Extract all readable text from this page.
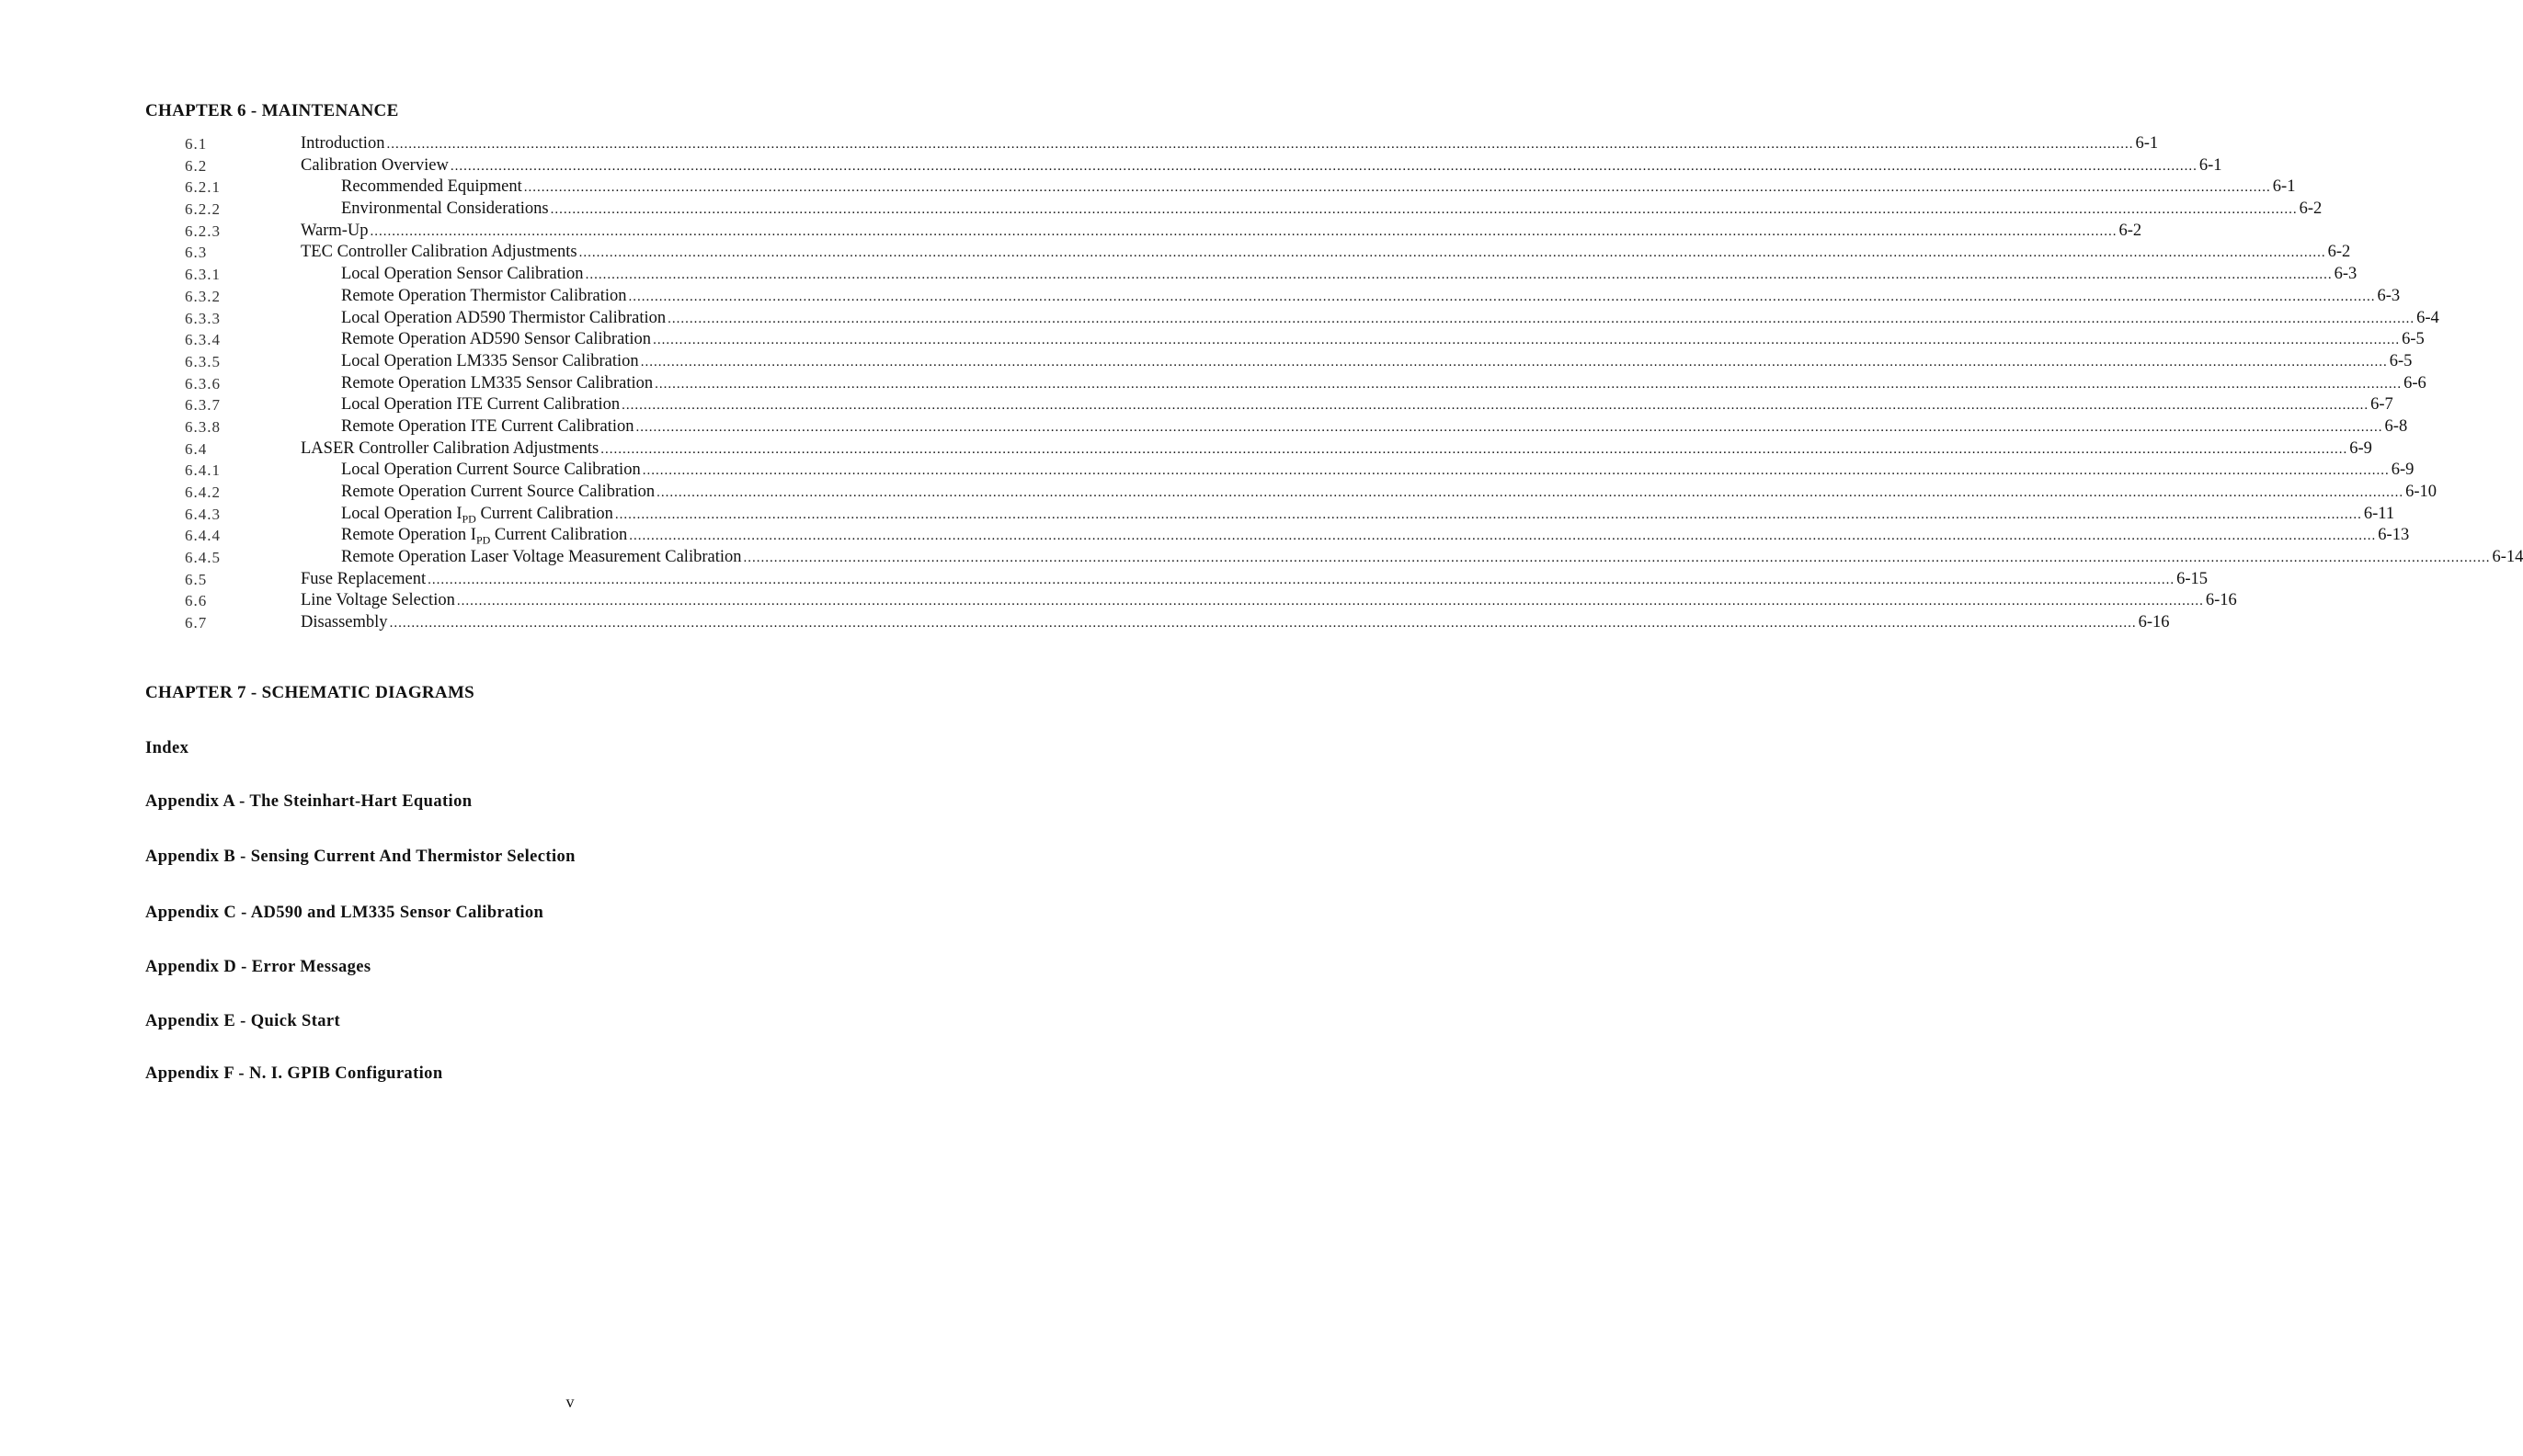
CHAPTER 6 - MAINTENANCE
6.1	Introduction ................................................................................................................................................................................................................................................................................................................................................................................................................ 6-1
6.2	Calibration Overview ................................................................................................................................................................................................................................................................................................................................................................................................................ 6-1
6.2.1	Recommended Equipment ................................................................................................................................................................................................................................................................................................................................................................................................................ 6-1
6.2.2	Environmental Considerations ................................................................................................................................................................................................................................................................................................................................................................................................................ 6-2
6.2.3	Warm-Up ................................................................................................................................................................................................................................................................................................................................................................................................................ 6-2
6.3	TEC Controller Calibration Adjustments ................................................................................................................................................................................................................................................................................................................................................................................................................ 6-2
6.3.1	Local Operation Sensor Calibration ................................................................................................................................................................................................................................................................................................................................................................................................................ 6-3
6.3.2	Remote Operation Thermistor Calibration ................................................................................................................................................................................................................................................................................................................................................................................................................ 6-3
6.3.3	Local Operation AD590 Thermistor Calibration ................................................................................................................................................................................................................................................................................................................................................................................................................ 6-4
6.3.4	Remote Operation AD590 Sensor Calibration ................................................................................................................................................................................................................................................................................................................................................................................................................ 6-5
6.3.5	Local Operation LM335 Sensor Calibration ................................................................................................................................................................................................................................................................................................................................................................................................................ 6-5
6.3.6	Remote Operation LM335 Sensor Calibration ................................................................................................................................................................................................................................................................................................................................................................................................................ 6-6
6.3.7	Local Operation ITE Current Calibration ................................................................................................................................................................................................................................................................................................................................................................................................................ 6-7
6.3.8	Remote Operation ITE Current Calibration ................................................................................................................................................................................................................................................................................................................................................................................................................ 6-8
6.4	LASER Controller Calibration Adjustments ................................................................................................................................................................................................................................................................................................................................................................................................................ 6-9
6.4.1	Local Operation Current Source Calibration ................................................................................................................................................................................................................................................................................................................................................................................................................ 6-9
6.4.2	Remote Operation Current Source Calibration ................................................................................................................................................................................................................................................................................................................................................................................................................ 6-10
6.4.3	Local Operation $I_{PD}$ Current Calibration ................................................................................................................................................................................................................................................................................................................................................................................................................ 6-11
6.4.4	Remote Operation $I_{PD}$ Current Calibration ................................................................................................................................................................................................................................................................................................................................................................................................................ 6-13
6.4.5	Remote Operation Laser Voltage Measurement Calibration ................................................................................................................................................................................................................................................................................................................................................................................................................ 6-14
6.5	Fuse Replacement ................................................................................................................................................................................................................................................................................................................................................................................................................ 6-15
6.6	Line Voltage Selection ................................................................................................................................................................................................................................................................................................................................................................................................................ 6-16
6.7	Disassembly ................................................................................................................................................................................................................................................................................................................................................................................................................ 6-16
CHAPTER 7 - SCHEMATIC DIAGRAMS
Index
Appendix A - The Steinhart-Hart Equation
Appendix B - Sensing Current And Thermistor Selection
Appendix C - AD590 and LM335 Sensor Calibration
Appendix D - Error Messages
Appendix E - Quick Start
Appendix F - N. I. GPIB Configuration
v
